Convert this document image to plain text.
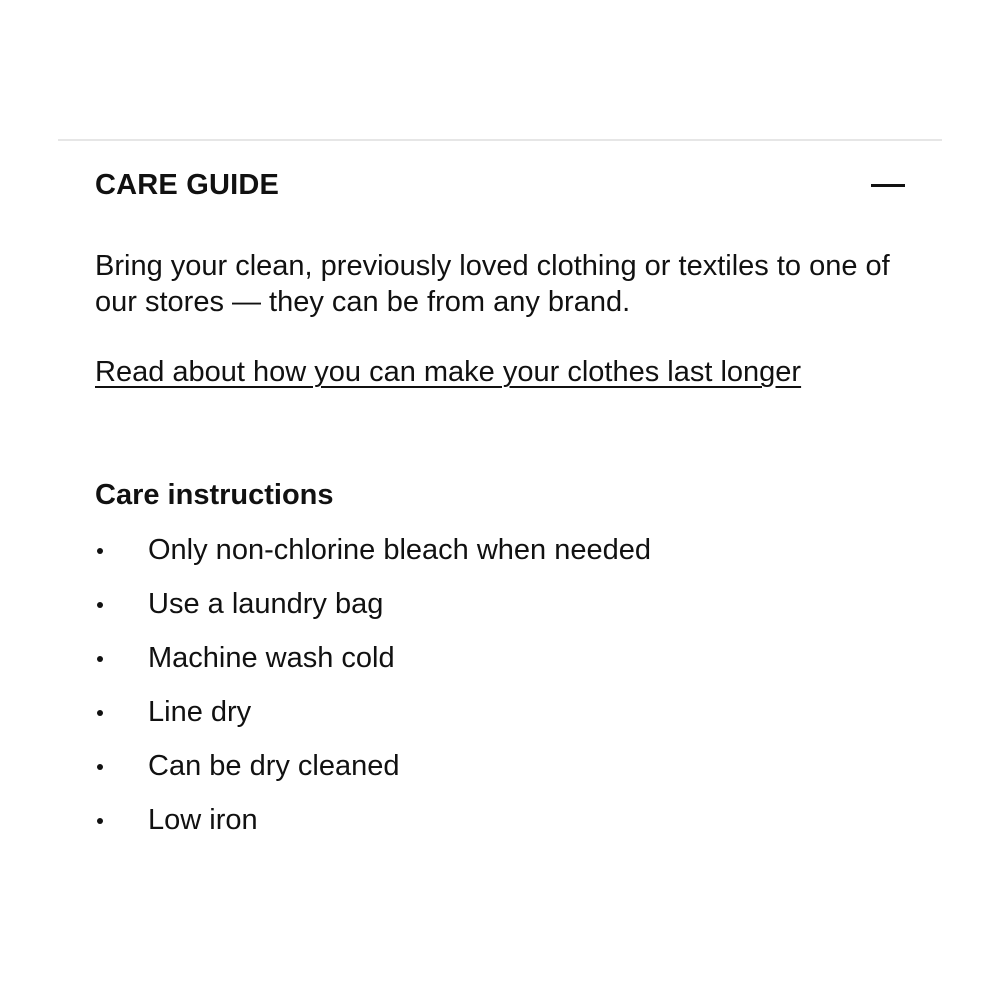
CARE GUIDE

Bring your clean, previously loved clothing or textiles to one of our stores — they can be from any brand.

Read about how you can make your clothes last longer
Care instructions
Only non-chlorine bleach when needed
Use a laundry bag
Machine wash cold
Line dry
Can be dry cleaned
Low iron
